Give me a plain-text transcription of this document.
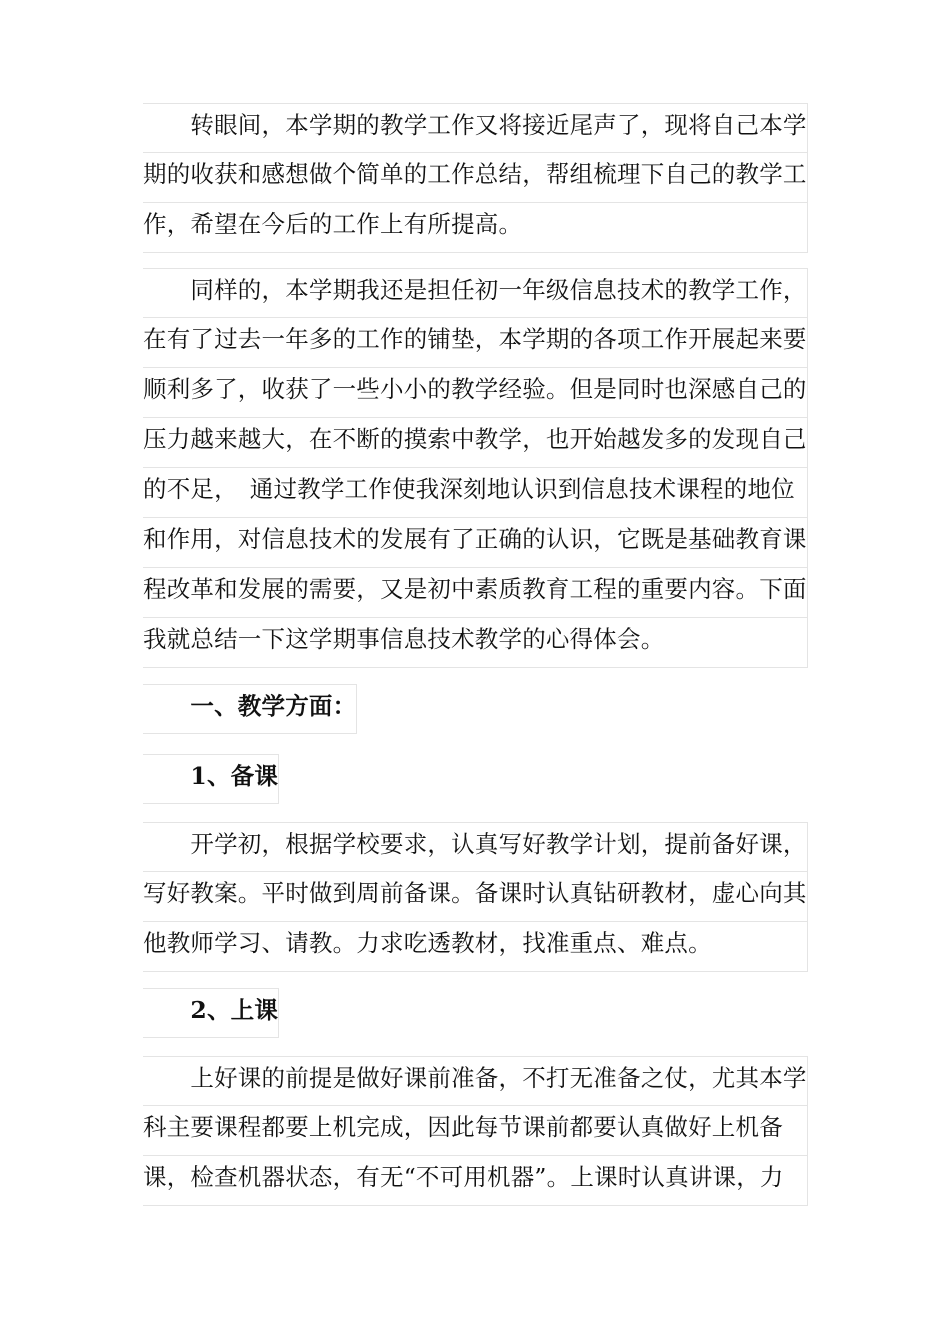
　　转眼间，本学期的教学工作又将接近尾声了，现将自己本学
期的收获和感想做个简单的工作总结，帮组梳理下自己的教学工
作，希望在今后的工作上有所提高。
　　同样的，本学期我还是担任初一年级信息技术的教学工作，
在有了过去一年多的工作的铺垫，本学期的各项工作开展起来要
顺利多了，收获了一些小小的教学经验。但是同时也深感自己的
压力越来越大，在不断的摸索中教学，也开始越发多的发现自己
的不足，　通过教学工作使我深刻地认识到信息技术课程的地位
和作用，对信息技术的发展有了正确的认识，它既是基础教育课
程改革和发展的需要，又是初中素质教育工程的重要内容。下面
我就总结一下这学期事信息技术教学的心得体会。
　　一、教学方面：
　　1、备课
　　开学初，根据学校要求，认真写好教学计划，提前备好课，
写好教案。平时做到周前备课。备课时认真钻研教材，虚心向其
他教师学习、请教。力求吃透教材，找准重点、难点。
　　2、上课
　　上好课的前提是做好课前准备，不打无准备之仗，尤其本学
科主要课程都要上机完成，因此每节课前都要认真做好上机备
课，检查机器状态，有无“不可用机器”。上课时认真讲课，力
